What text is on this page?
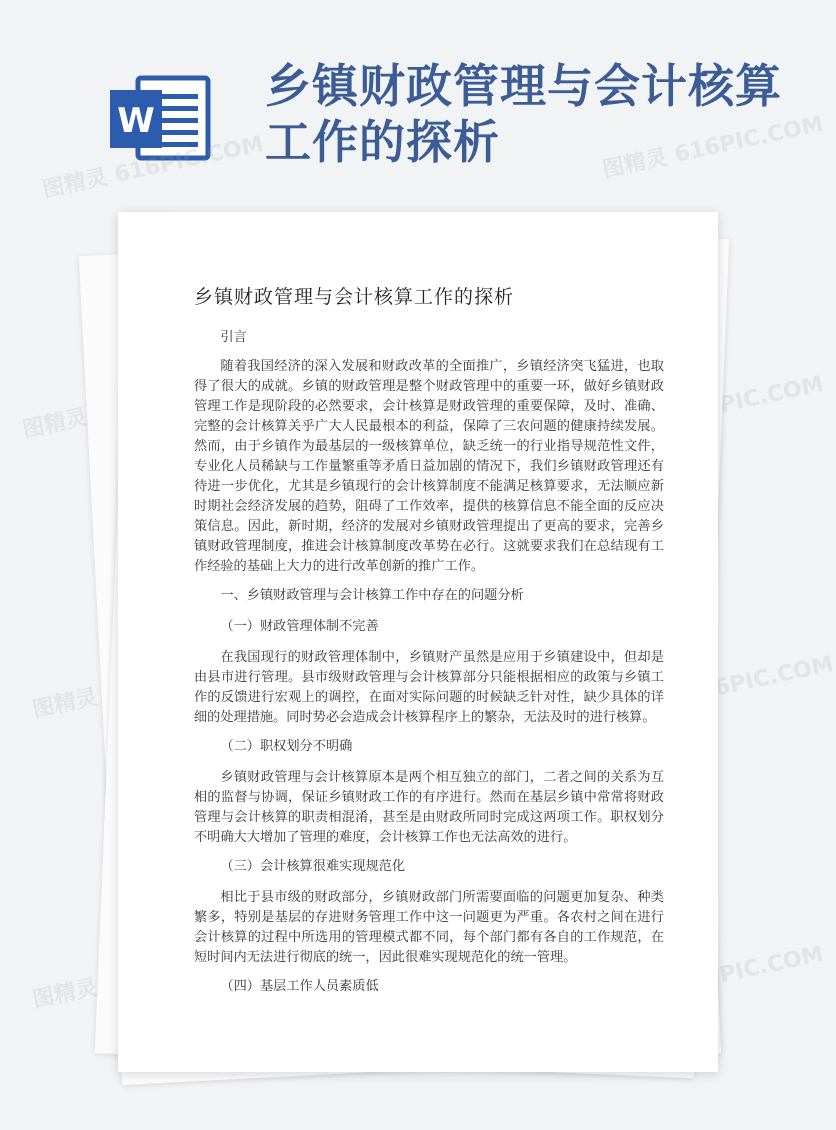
W
乡镇财政管理与会计核算工作的探析
图精灵 616PIC.COM	图精灵 616PIC.COM
图精灵	616PIC.COM
图精灵	图精灵 616PIC.COM
图精灵	616PIC.COM
乡镇财政管理与会计核算工作的探析

引言

随着我国经济的深入发展和财政改革的全面推广，乡镇经济突飞猛进，也取得了很大的成就。乡镇的财政管理是整个财政管理中的重要一环，做好乡镇财政管理工作是现阶段的必然要求，会计核算是财政管理的重要保障，及时、准确、完整的会计核算关乎广大人民最根本的利益，保障了三农问题的健康持续发展。然而，由于乡镇作为最基层的一级核算单位，缺乏统一的行业指导规范性文件，专业化人员稀缺与工作量繁重等矛盾日益加剧的情况下，我们乡镇财政管理还有待进一步优化，尤其是乡镇现行的会计核算制度不能满足核算要求，无法顺应新时期社会经济发展的趋势，阻碍了工作效率，提供的核算信息不能全面的反应决策信息。因此，新时期，经济的发展对乡镇财政管理提出了更高的要求，完善乡镇财政管理制度，推进会计核算制度改革势在必行。这就要求我们在总结现有工作经验的基础上大力的进行改革创新的推广工作。

一、乡镇财政管理与会计核算工作中存在的问题分析

（一）财政管理体制不完善

在我国现行的财政管理体制中，乡镇财产虽然是应用于乡镇建设中，但却是由县市进行管理。县市级财政管理与会计核算部分只能根据相应的政策与乡镇工作的反馈进行宏观上的调控，在面对实际问题的时候缺乏针对性，缺少具体的详细的处理措施。同时势必会造成会计核算程序上的繁杂，无法及时的进行核算。

（二）职权划分不明确

乡镇财政管理与会计核算原本是两个相互独立的部门，二者之间的关系为互相的监督与协调，保证乡镇财政工作的有序进行。然而在基层乡镇中常常将财政管理与会计核算的职责相混淆，甚至是由财政所同时完成这两项工作。职权划分不明确大大增加了管理的难度，会计核算工作也无法高效的进行。

（三）会计核算很难实现规范化

相比于县市级的财政部分，乡镇财政部门所需要面临的问题更加复杂、种类繁多，特别是基层的存进财务管理工作中这一问题更为严重。各农村之间在进行会计核算的过程中所选用的管理模式都不同，每个部门都有各自的工作规范，在短时间内无法进行彻底的统一，因此很难实现规范化的统一管理。

（四）基层工作人员素质低
